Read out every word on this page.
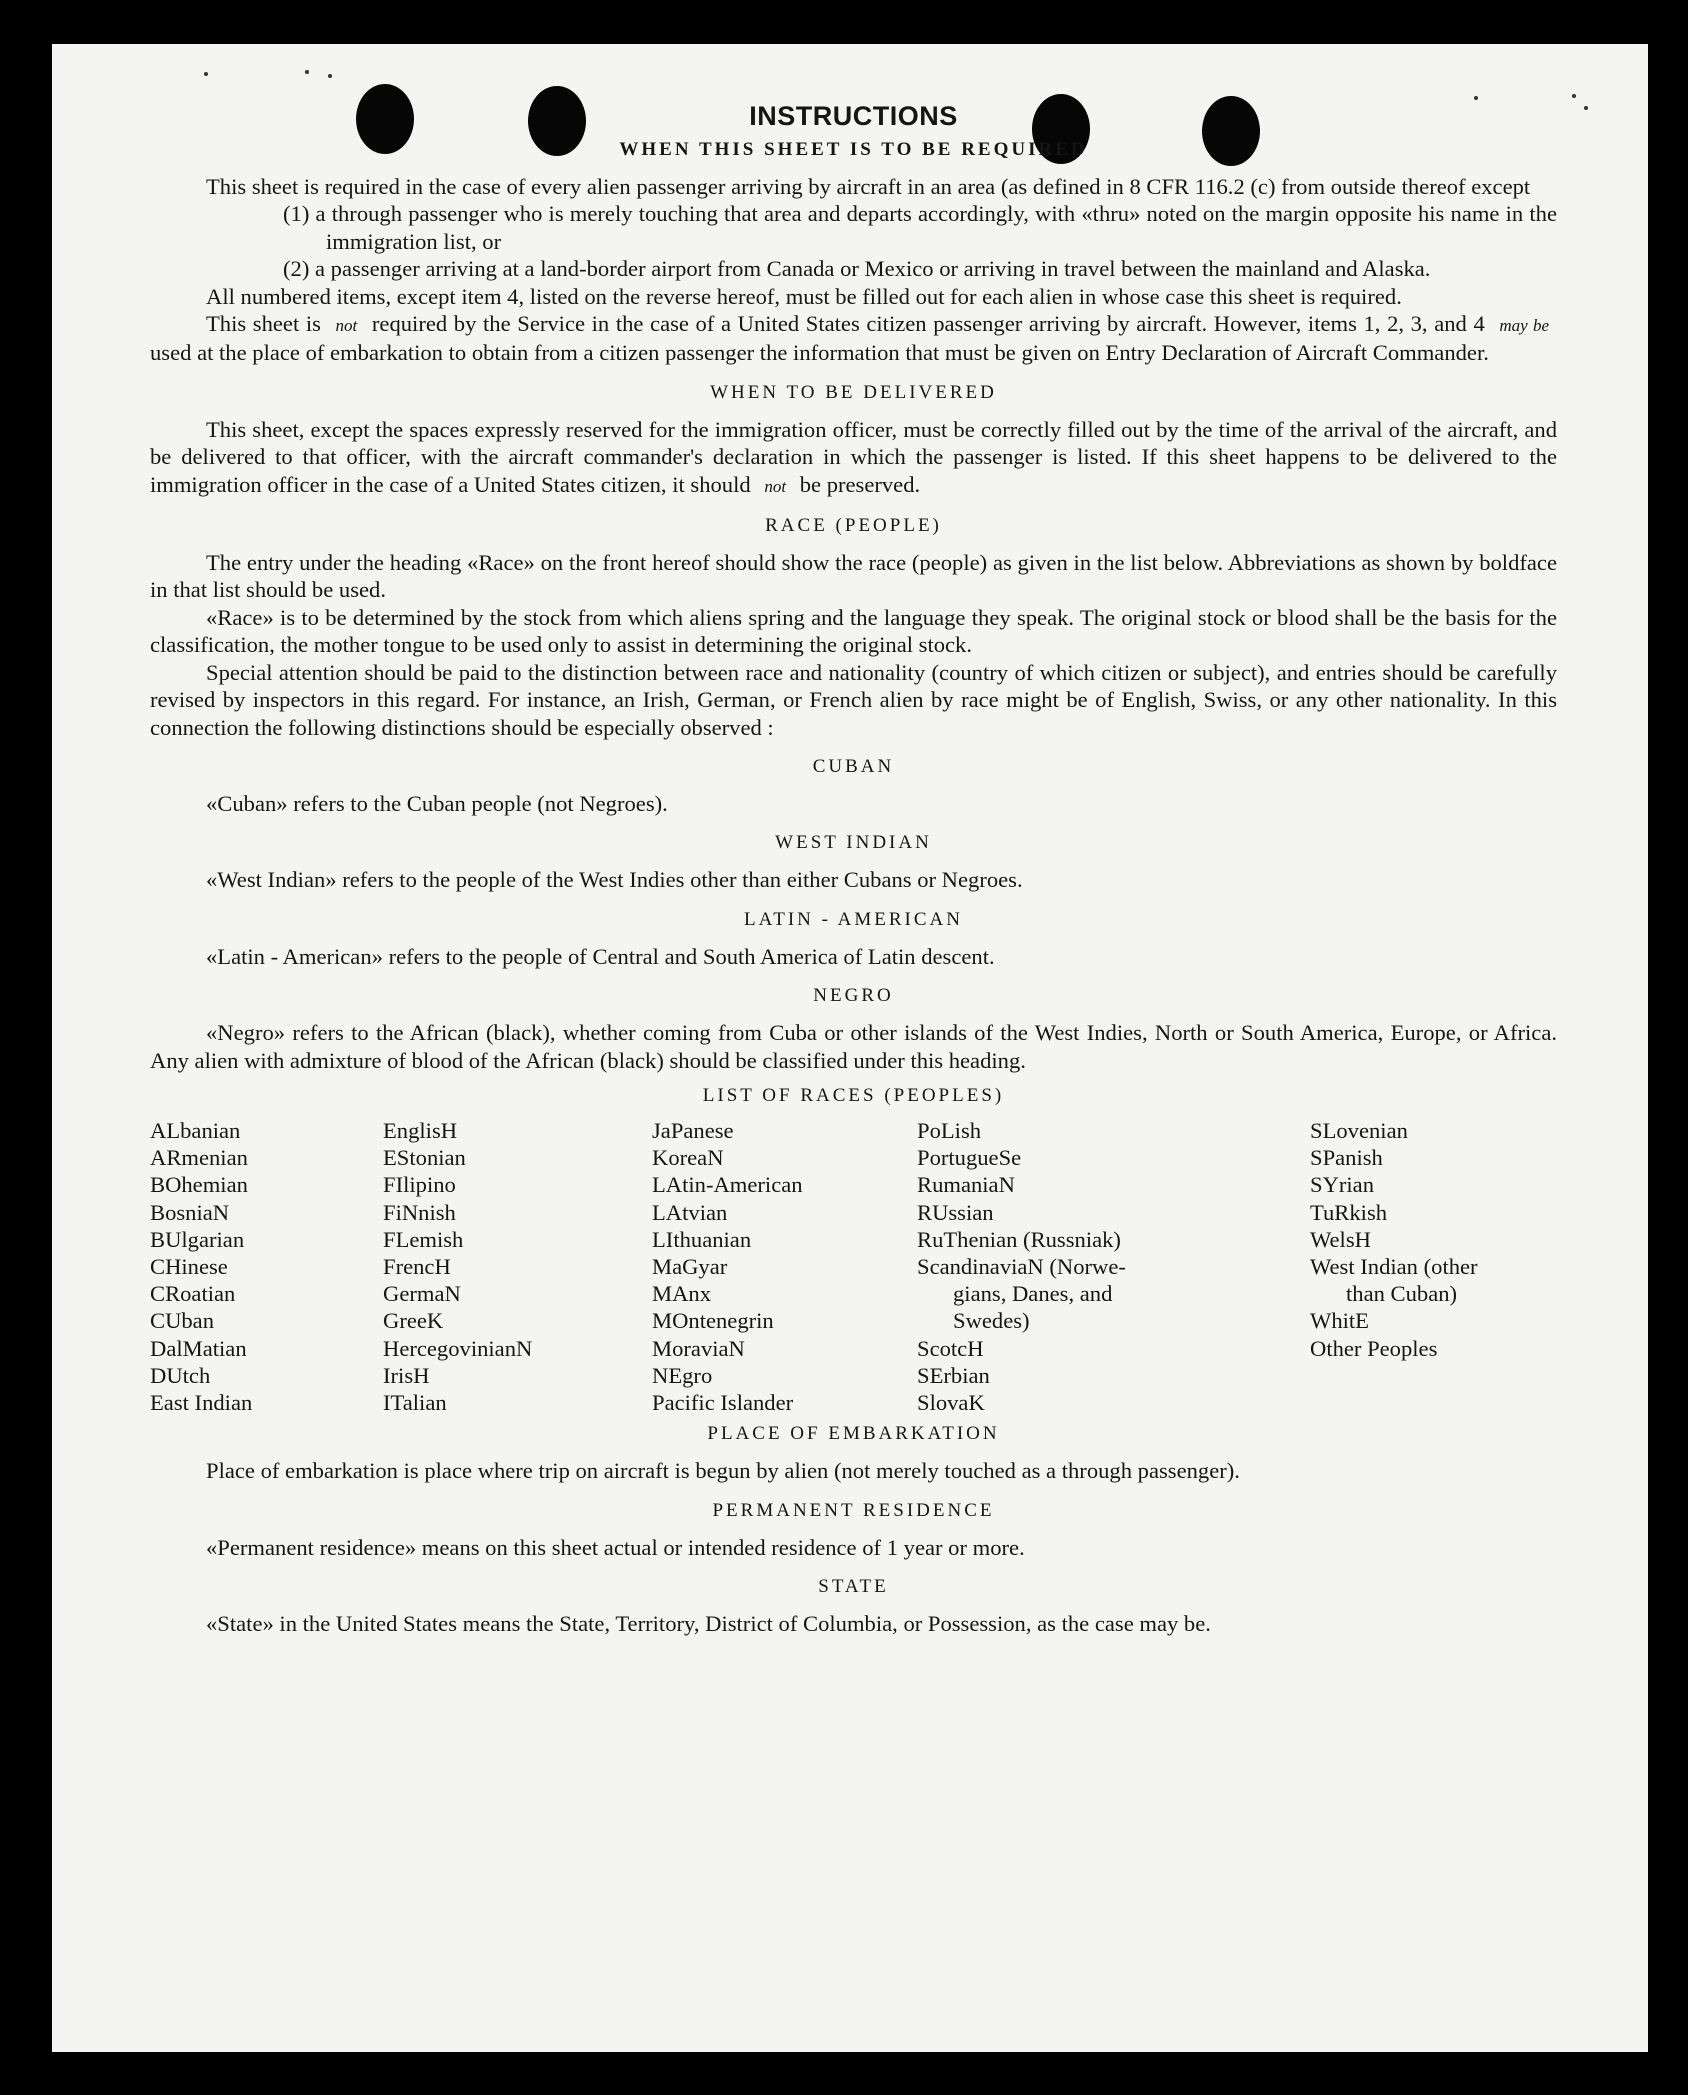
INSTRUCTIONS
WHEN THIS SHEET IS TO BE REQUIRED

This sheet is required in the case of every alien passenger arriving by aircraft in an area (as defined in 8 CFR 116.2 (c) from outside thereof except

(1) a through passenger who is merely touching that area and departs accordingly, with «thru» noted on the margin opposite his name in the immigration list, or

(2) a passenger arriving at a land-border airport from Canada or Mexico or arriving in travel between the mainland and Alaska.

All numbered items, except item 4, listed on the reverse hereof, must be filled out for each alien in whose case this sheet is required.

This sheet is not required by the Service in the case of a United States citizen passenger arriving by aircraft. However, items 1, 2, 3, and 4 may be used at the place of embarkation to obtain from a citizen passenger the information that must be given on Entry Declaration of Aircraft Commander.

WHEN TO BE DELIVERED

This sheet, except the spaces expressly reserved for the immigration officer, must be correctly filled out by the time of the arrival of the aircraft, and be delivered to that officer, with the aircraft commander's declaration in which the passenger is listed. If this sheet happens to be delivered to the immigration officer in the case of a United States citizen, it should not be preserved.

RACE (PEOPLE)

The entry under the heading «Race» on the front hereof should show the race (people) as given in the list below. Abbreviations as shown by boldface in that list should be used.

«Race» is to be determined by the stock from which aliens spring and the language they speak. The original stock or blood shall be the basis for the classification, the mother tongue to be used only to assist in determining the original stock.

Special attention should be paid to the distinction between race and nationality (country of which citizen or subject), and entries should be carefully revised by inspectors in this regard. For instance, an Irish, German, or French alien by race might be of English, Swiss, or any other nationality. In this connection the following distinctions should be especially observed :

CUBAN

«Cuban» refers to the Cuban people (not Negroes).

WEST INDIAN

«West Indian» refers to the people of the West Indies other than either Cubans or Negroes.

LATIN - AMERICAN

«Latin - American» refers to the people of Central and South America of Latin descent.

NEGRO

«Negro» refers to the African (black), whether coming from Cuba or other islands of the West Indies, North or South America, Europe, or Africa. Any alien with admixture of blood of the African (black) should be classified under this heading.

LIST OF RACES (PEOPLES)
ALbanian
ARmenian
BOhemian
BosniaN
BUlgarian
CHinese
CRoatian
CUban
DalMatian
DUtch
East Indian
EnglisH
EStonian
FIlipino
FiNnish
FLemish
FrencH
GermaN
GreeK
HercegovinianN
IrisH
ITalian
JaPanese
KoreaN
LAtin-American
LAtvian
LIthuanian
MaGyar
MAnx
MOntenegrin
MoraviaN
NEgro
Pacific Islander
PoLish
PortugueSe
RumaniaN
RUssian
RuThenian (Russniak)
ScandinaviaN (Norwe-
gians, Danes, and
Swedes)
ScotcH
SErbian
SlovaK
SLovenian
SPanish
SYrian
TuRkish
WelsH
West Indian (other
than Cuban)
WhitE
Other Peoples
PLACE OF EMBARKATION

Place of embarkation is place where trip on aircraft is begun by alien (not merely touched as a through passenger).

PERMANENT RESIDENCE

«Permanent residence» means on this sheet actual or intended residence of 1 year or more.

STATE

«State» in the United States means the State, Territory, District of Columbia, or Possession, as the case may be.
